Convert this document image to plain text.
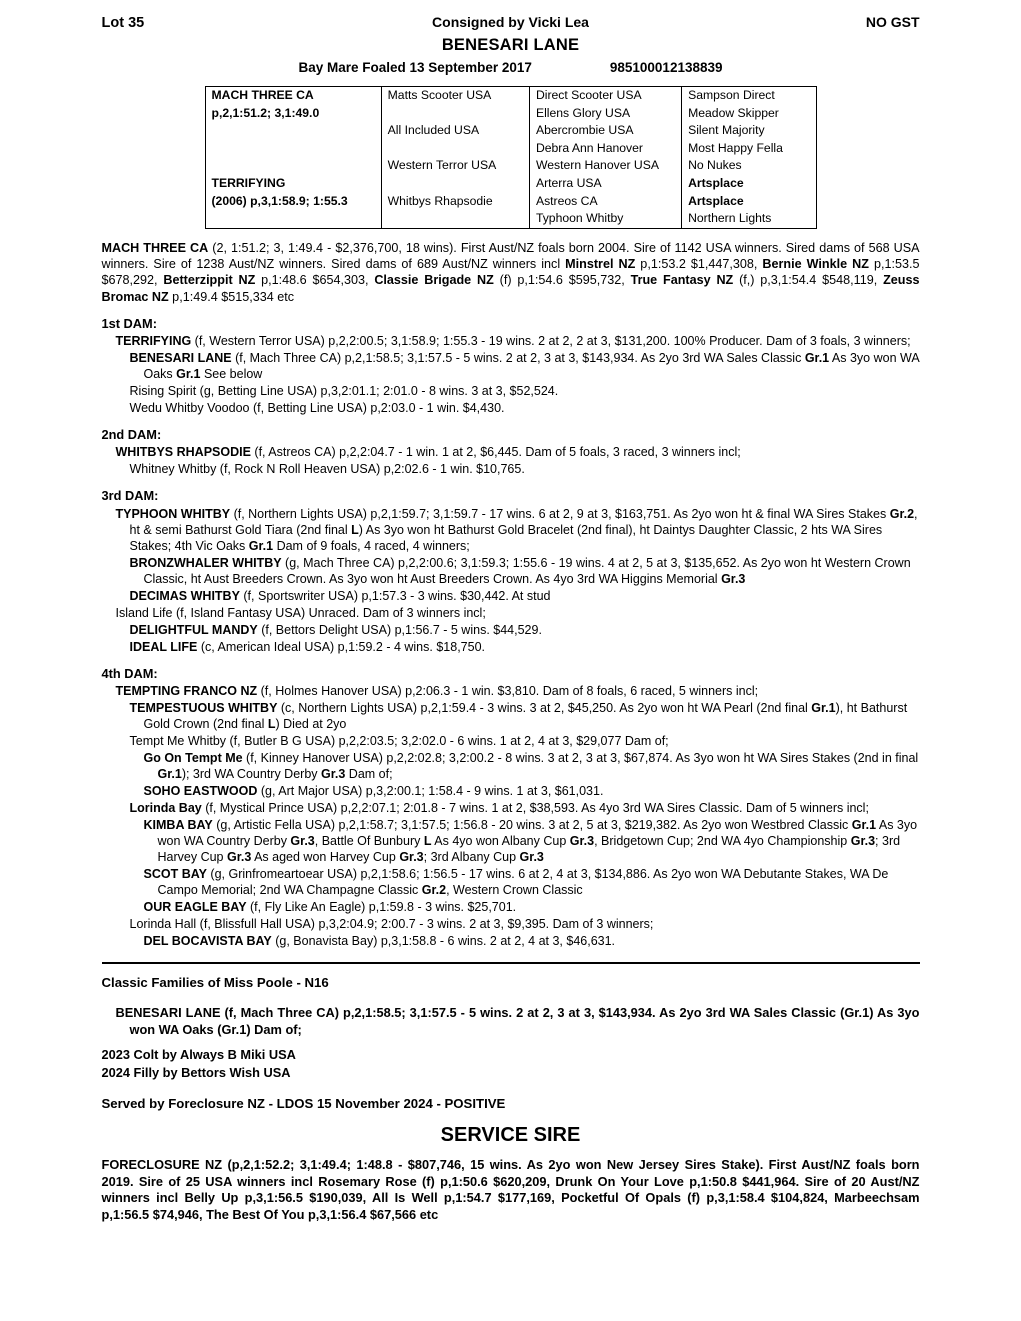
Lot 35	Consigned by Vicki Lea	NO GST
BENESARI LANE
Bay Mare Foaled 13 September 2017	985100012138839
MACH THREE CA	Matts Scooter USA	Direct Scooter USA	Sampson Direct
p,2,1:51.2; 3,1:49.0		Ellens Glory USA	Meadow Skipper
	All Included USA	Abercrombie USA	Silent Majority
		Debra Ann Hanover	Most Happy Fella
	Western Terror USA	Western Hanover USA	No Nukes
TERRIFYING		Arterra USA	Artsplace
(2006) p,3,1:58.9; 1:55.3	Whitbys Rhapsodie	Astreos CA	Artsplace
		Typhoon Whitby	Northern Lights
MACH THREE CA (2, 1:51.2; 3, 1:49.4 - $2,376,700, 18 wins). First Aust/NZ foals born 2004. Sire of 1142 USA winners. Sired dams of 568 USA winners. Sire of 1238 Aust/NZ winners. Sired dams of 689 Aust/NZ winners incl Minstrel NZ p,1:53.2 $1,447,308, Bernie Winkle NZ p,1:53.5 $678,292, Betterzippit NZ p,1:48.6 $654,303, Classie Brigade NZ (f) p,1:54.6 $595,732, True Fantasy NZ (f,) p,3,1:54.4 $548,119, Zeuss Bromac NZ p,1:49.4 $515,334 etc
1st DAM:
TERRIFYING (f, Western Terror USA) p,2,2:00.5; 3,1:58.9; 1:55.3 - 19 wins. 2 at 2, 2 at 3, $131,200. 100% Producer. Dam of 3 foals, 3 winners;
BENESARI LANE (f, Mach Three CA) p,2,1:58.5; 3,1:57.5 - 5 wins. 2 at 2, 3 at 3, $143,934. As 2yo 3rd WA Sales Classic Gr.1 As 3yo won WA Oaks Gr.1 See below
Rising Spirit (g, Betting Line USA) p,3,2:01.1; 2:01.0 - 8 wins. 3 at 3, $52,524.
Wedu Whitby Voodoo (f, Betting Line USA) p,2:03.0 - 1 win. $4,430.
2nd DAM:
WHITBYS RHAPSODIE (f, Astreos CA) p,2,2:04.7 - 1 win. 1 at 2, $6,445. Dam of 5 foals, 3 raced, 3 winners incl;
Whitney Whitby (f, Rock N Roll Heaven USA) p,2:02.6 - 1 win. $10,765.
3rd DAM:
TYPHOON WHITBY (f, Northern Lights USA) p,2,1:59.7; 3,1:59.7 - 17 wins. 6 at 2, 9 at 3, $163,751. As 2yo won ht & final WA Sires Stakes Gr.2, ht & semi Bathurst Gold Tiara (2nd final L) As 3yo won ht Bathurst Gold Bracelet (2nd final), ht Daintys Daughter Classic, 2 hts WA Sires Stakes; 4th Vic Oaks Gr.1 Dam of 9 foals, 4 raced, 4 winners;
BRONZWHALER WHITBY (g, Mach Three CA) p,2,2:00.6; 3,1:59.3; 1:55.6 - 19 wins. 4 at 2, 5 at 3, $135,652. As 2yo won ht Western Crown Classic, ht Aust Breeders Crown. As 3yo won ht Aust Breeders Crown. As 4yo 3rd WA Higgins Memorial Gr.3
DECIMAS WHITBY (f, Sportswriter USA) p,1:57.3 - 3 wins. $30,442. At stud
Island Life (f, Island Fantasy USA) Unraced. Dam of 3 winners incl;
DELIGHTFUL MANDY (f, Bettors Delight USA) p,1:56.7 - 5 wins. $44,529.
IDEAL LIFE (c, American Ideal USA) p,1:59.2 - 4 wins. $18,750.
4th DAM:
TEMPTING FRANCO NZ (f, Holmes Hanover USA) p,2:06.3 - 1 win. $3,810. Dam of 8 foals, 6 raced, 5 winners incl;
TEMPESTUOUS WHITBY (c, Northern Lights USA) p,2,1:59.4 - 3 wins. 3 at 2, $45,250. As 2yo won ht WA Pearl (2nd final Gr.1), ht Bathurst Gold Crown (2nd final L) Died at 2yo
Tempt Me Whitby (f, Butler B G USA) p,2,2:03.5; 3,2:02.0 - 6 wins. 1 at 2, 4 at 3, $29,077 Dam of;
Go On Tempt Me (f, Kinney Hanover USA) p,2,2:02.8; 3,2:00.2 - 8 wins. 3 at 2, 3 at 3, $67,874. As 3yo won ht WA Sires Stakes (2nd in final Gr.1); 3rd WA Country Derby Gr.3 Dam of;
SOHO EASTWOOD (g, Art Major USA) p,3,2:00.1; 1:58.4 - 9 wins. 1 at 3, $61,031.
Lorinda Bay (f, Mystical Prince USA) p,2,2:07.1; 2:01.8 - 7 wins. 1 at 2, $38,593. As 4yo 3rd WA Sires Classic. Dam of 5 winners incl;
KIMBA BAY (g, Artistic Fella USA) p,2,1:58.7; 3,1:57.5; 1:56.8 - 20 wins. 3 at 2, 5 at 3, $219,382. As 2yo won Westbred Classic Gr.1 As 3yo won WA Country Derby Gr.3, Battle Of Bunbury L As 4yo won Albany Cup Gr.3, Bridgetown Cup; 2nd WA 4yo Championship Gr.3; 3rd Harvey Cup Gr.3 As aged won Harvey Cup Gr.3; 3rd Albany Cup Gr.3
SCOT BAY (g, Grinfromeartoear USA) p,2,1:58.6; 1:56.5 - 17 wins. 6 at 2, 4 at 3, $134,886. As 2yo won WA Debutante Stakes, WA De Campo Memorial; 2nd WA Champagne Classic Gr.2, Western Crown Classic
OUR EAGLE BAY (f, Fly Like An Eagle) p,1:59.8 - 3 wins. $25,701.
Lorinda Hall (f, Blissfull Hall USA) p,3,2:04.9; 2:00.7 - 3 wins. 2 at 3, $9,395. Dam of 3 winners;
DEL BOCAVISTA BAY (g, Bonavista Bay) p,3,1:58.8 - 6 wins. 2 at 2, 4 at 3, $46,631.
Classic Families of Miss Poole - N16
BENESARI LANE (f, Mach Three CA) p,2,1:58.5; 3,1:57.5 - 5 wins. 2 at 2, 3 at 3, $143,934. As 2yo 3rd WA Sales Classic (Gr.1) As 3yo won WA Oaks (Gr.1) Dam of;
2023 Colt by Always B Miki USA
2024 Filly by Bettors Wish USA
Served by Foreclosure NZ - LDOS 15 November 2024 - POSITIVE
SERVICE SIRE
FORECLOSURE NZ (p,2,1:52.2; 3,1:49.4; 1:48.8 - $807,746, 15 wins. As 2yo won New Jersey Sires Stake). First Aust/NZ foals born 2019. Sire of 25 USA winners incl Rosemary Rose (f) p,1:50.6 $620,209, Drunk On Your Love p,1:50.8 $441,964. Sire of 20 Aust/NZ winners incl Belly Up p,3,1:56.5 $190,039, All Is Well p,1:54.7 $177,169, Pocketful Of Opals (f) p,3,1:58.4 $104,824, Marbeechsam p,1:56.5 $74,946, The Best Of You p,3,1:56.4 $67,566 etc
